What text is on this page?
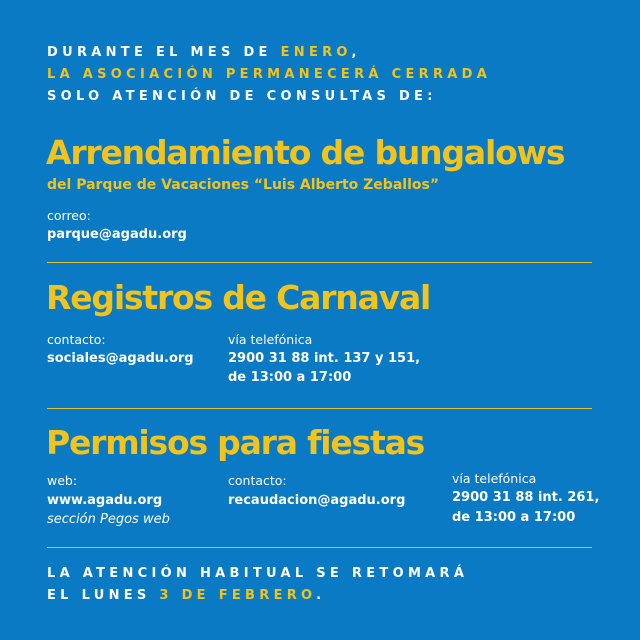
DURANTE EL MES DE ENERO,
LA ASOCIACIÓN PERMANECERÁ CERRADA
SOLO ATENCIÓN DE CONSULTAS DE:
Arrendamiento de bungalows
del Parque de Vacaciones “Luis Alberto Zeballos”
correo:
parque@agadu.org
Registros de Carnaval
contacto:
sociales@agadu.org
vía telefónica
2900 31 88 int. 137 y 151,
de 13:00 a 17:00
Permisos para fiestas
web:
www.agadu.org
sección Pegos web
contacto:
recaudacion@agadu.org
vía telefónica
2900 31 88 int. 261,
de 13:00 a 17:00
LA ATENCIÓN HABITUAL SE RETOMARÁ
EL LUNES 3 DE FEBRERO.
